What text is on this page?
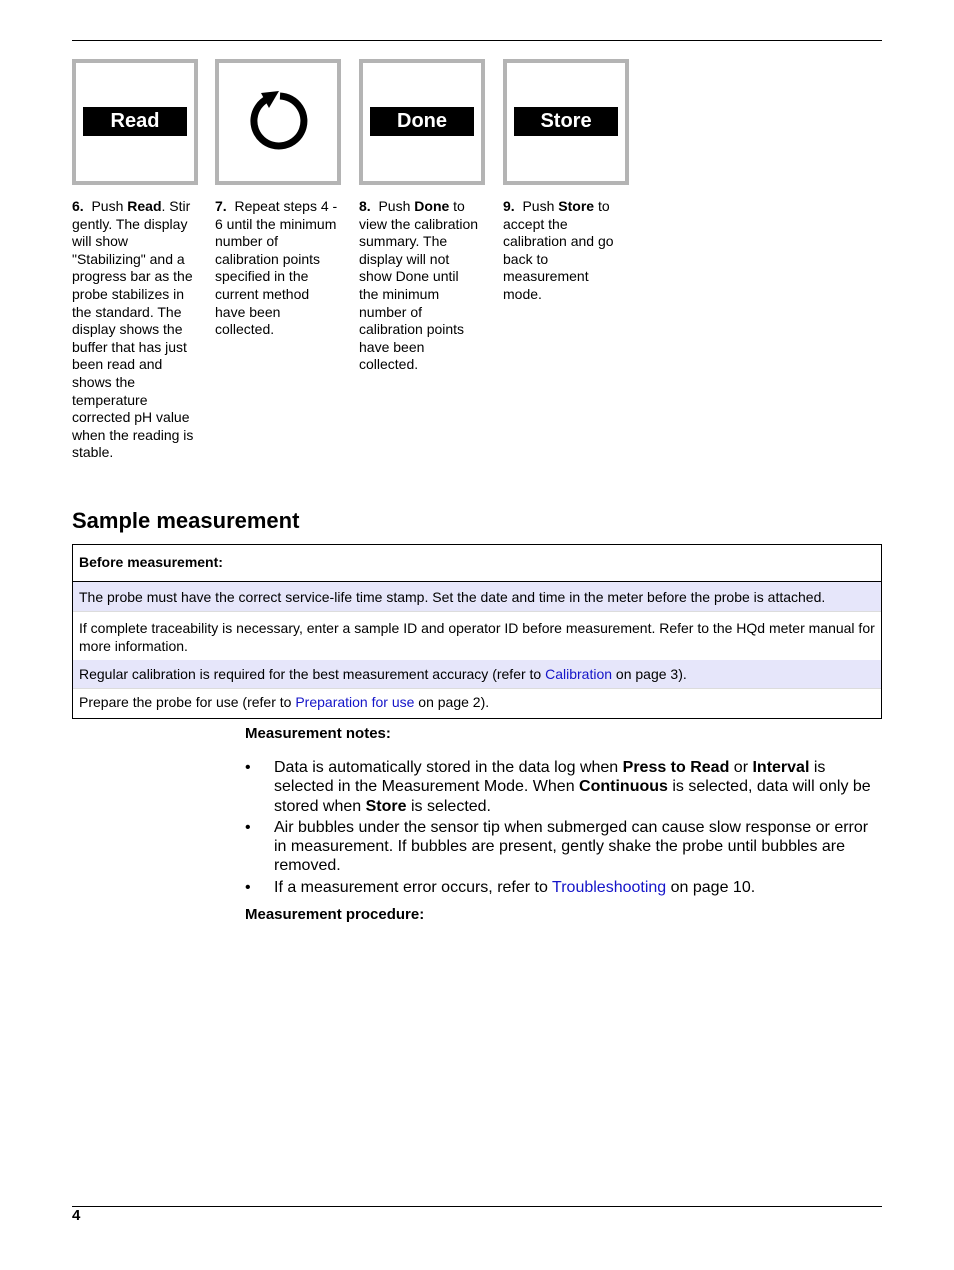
Read	Done	Store
6. Push Read. Stir gently. The display will show "Stabilizing" and a progress bar as the probe stabilizes in the standard. The display shows the buffer that has just been read and shows the temperature corrected pH value when the reading is stable.
7. Repeat steps 4 - 6 until the minimum number of calibration points specified in the current method have been collected.
8. Push Done to view the calibration summary. The display will not show Done until the minimum number of calibration points have been collected.
9. Push Store to accept the calibration and go back to measurement mode.
Sample measurement
Before measurement:
The probe must have the correct service-life time stamp. Set the date and time in the meter before the probe is attached.
If complete traceability is necessary, enter a sample ID and operator ID before measurement. Refer to the HQd meter manual for more information.
Regular calibration is required for the best measurement accuracy (refer to Calibration on page 3).
Prepare the probe for use (refer to Preparation for use on page 2).

Measurement notes:

• Data is automatically stored in the data log when Press to Read or Interval is selected in the Measurement Mode. When Continuous is selected, data will only be stored when Store is selected.
• Air bubbles under the sensor tip when submerged can cause slow response or error in measurement. If bubbles are present, gently shake the probe until bubbles are removed.
• If a measurement error occurs, refer to Troubleshooting on page 10.
Measurement procedure:
4
